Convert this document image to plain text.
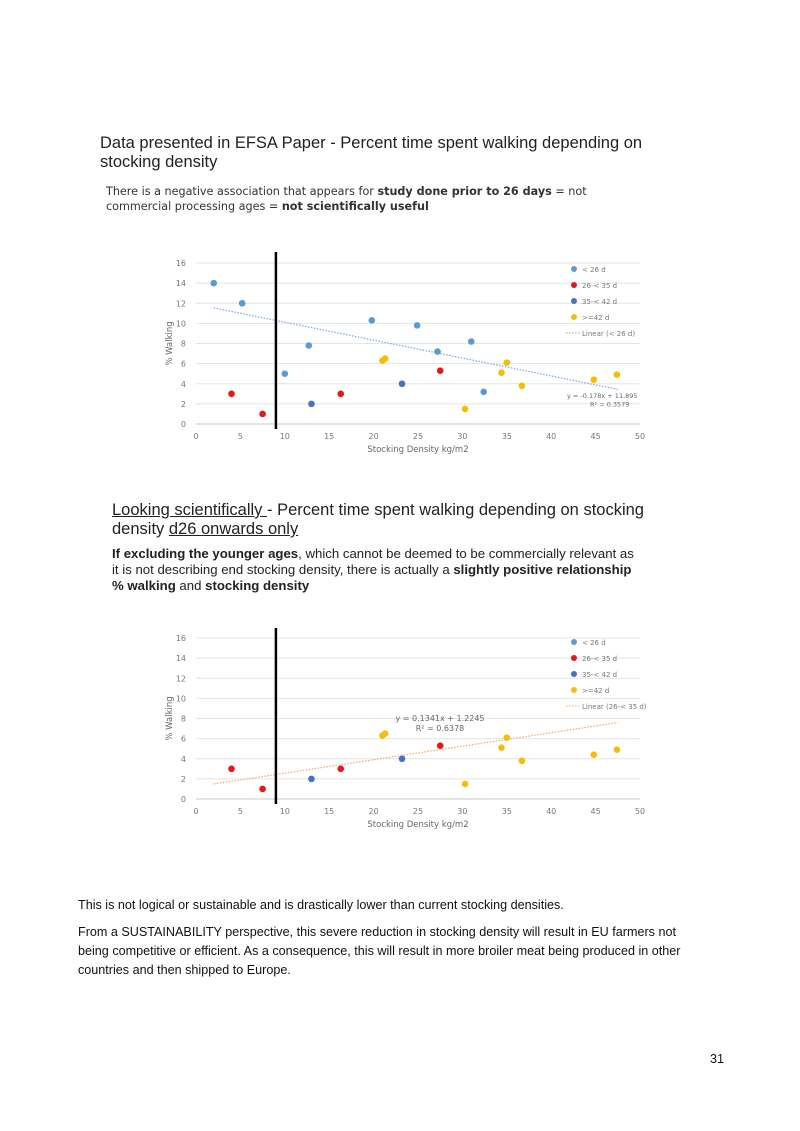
Data presented in EFSA Paper - Percent time spent walking depending on
stocking density
There is a negative association that appears for study done prior to 26 days = not
commercial processing ages = not scientifically useful
0
2
4
6
8
10
12
14
16
0	5	10	15	20	25	30	35	40	45	50
Stocking Density kg/m2
% Walking
y = -0.178x + 11.895
R² = 0.3579
< 26 d
26-< 35 d
35-< 42 d
>=42 d
Linear (< 26 d)
Looking scientifically - Percent time spent walking depending on stocking
density d26 onwards only
If excluding the younger ages, which cannot be deemed to be commercially relevant as
it is not describing end stocking density, there is actually a slightly positive relationship
% walking and stocking density
0
2
4
6
8
10
12
14
16
0	5	10	15	20	25	30	35	40	45	50
Stocking Density kg/m2
% Walking	y = 0.1341x + 1.2245
R² = 0.6378
< 26 d
26-< 35 d
35-< 42 d
>=42 d
Linear (26-< 35 d)
This is not logical or sustainable and is drastically lower than current stocking densities.
From a SUSTAINABILITY perspective, this severe reduction in stocking density will result in EU farmers not
being competitive or efficient. As a consequence, this will result in more broiler meat being produced in other
countries and then shipped to Europe.
31
